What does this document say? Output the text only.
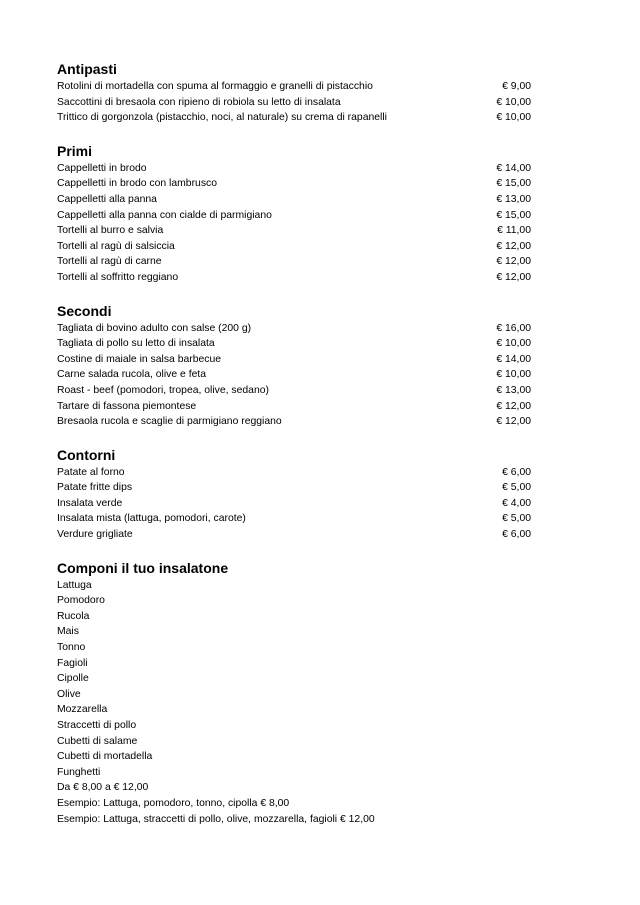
Antipasti
Rotolini di mortadella con spuma al formaggio e granelli di pistacchio	€ 9,00
Saccottini di bresaola con ripieno di robiola su letto di insalata	€ 10,00
Trittico di gorgonzola (pistacchio, noci, al naturale) su crema di rapanelli	€ 10,00
Primi
Cappelletti in brodo	€ 14,00
Cappelletti in brodo con lambrusco	€ 15,00
Cappelletti alla panna	€ 13,00
Cappelletti alla panna con cialde di parmigiano	€ 15,00
Tortelli al burro e salvia	€ 11,00
Tortelli al ragù di salsiccia	€ 12,00
Tortelli al ragù di carne	€ 12,00
Tortelli al soffritto reggiano	€ 12,00
Secondi
Tagliata di bovino adulto con salse (200 g)	€ 16,00
Tagliata di pollo su letto di insalata	€ 10,00
Costine di maiale in salsa barbecue	€ 14,00
Carne salada rucola, olive e feta	€ 10,00
Roast - beef (pomodori, tropea, olive, sedano)	€ 13,00
Tartare di fassona piemontese	€ 12,00
Bresaola rucola e scaglie di parmigiano reggiano	€ 12,00
Contorni
Patate al forno	€ 6,00
Patate fritte dips	€ 5,00
Insalata verde	€ 4,00
Insalata mista (lattuga, pomodori, carote)	€ 5,00
Verdure grigliate	€ 6,00
Componi il tuo insalatone
Lattuga
Pomodoro
Rucola
Mais
Tonno
Fagioli
Cipolle
Olive
Mozzarella
Straccetti di pollo
Cubetti di salame
Cubetti di mortadella
Funghetti
Da € 8,00 a € 12,00
Esempio: Lattuga, pomodoro, tonno, cipolla € 8,00
Esempio: Lattuga, straccetti di pollo, olive, mozzarella, fagioli € 12,00
